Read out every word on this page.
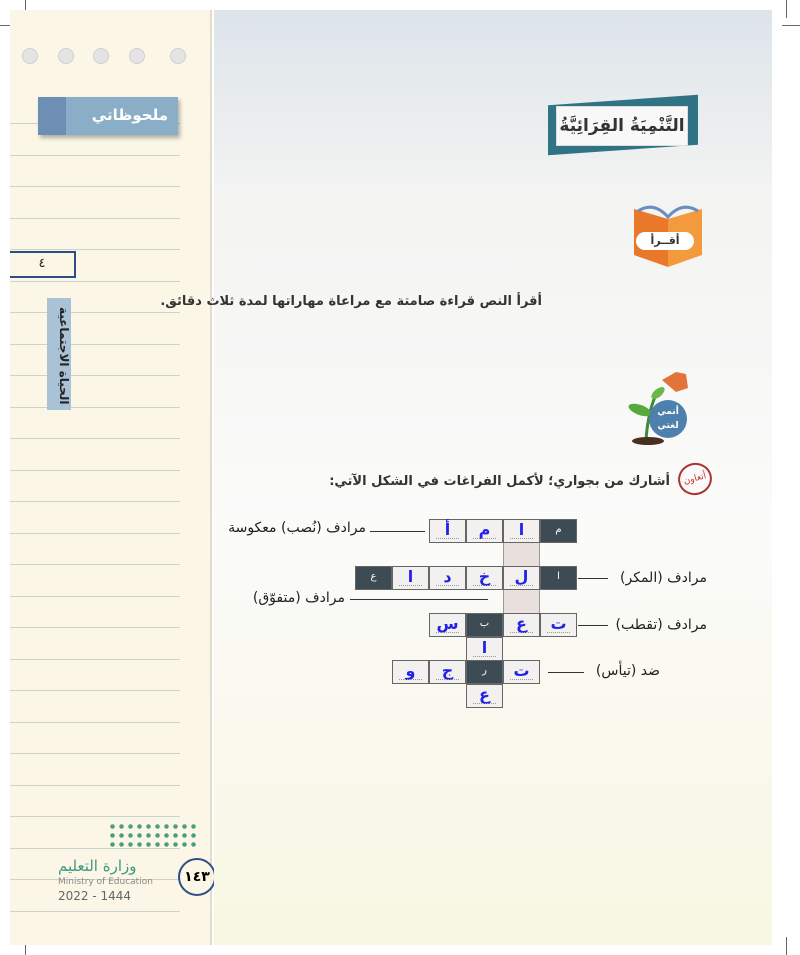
ملحوظاتي
٤
الحياة الاجتماعية
وزارة التعليم
Ministry of Education
2022 - 1444
١٤٣
التَّنْمِيَةُ القِرَائِيَّةُ
أقــرأ
أقرأ النص قراءة صامتة مع مراعاة مهاراتها لمدة ثلاث دقائق.
أنمي
لغتي
أتعاون
أشارك من بجواري؛ لأكمل الفراغات في الشكل الآتي:
أ	م	ا	م
ع	ا	د	خ	ل	ا
س	ب	ع	ت
ا
و	ج	ر	ت
ع
مرادف (نُصب) معكوسة
مرادف (المكر)
مرادف (متفوّق)
مرادف (تقطب)
ضد (تيأس)
